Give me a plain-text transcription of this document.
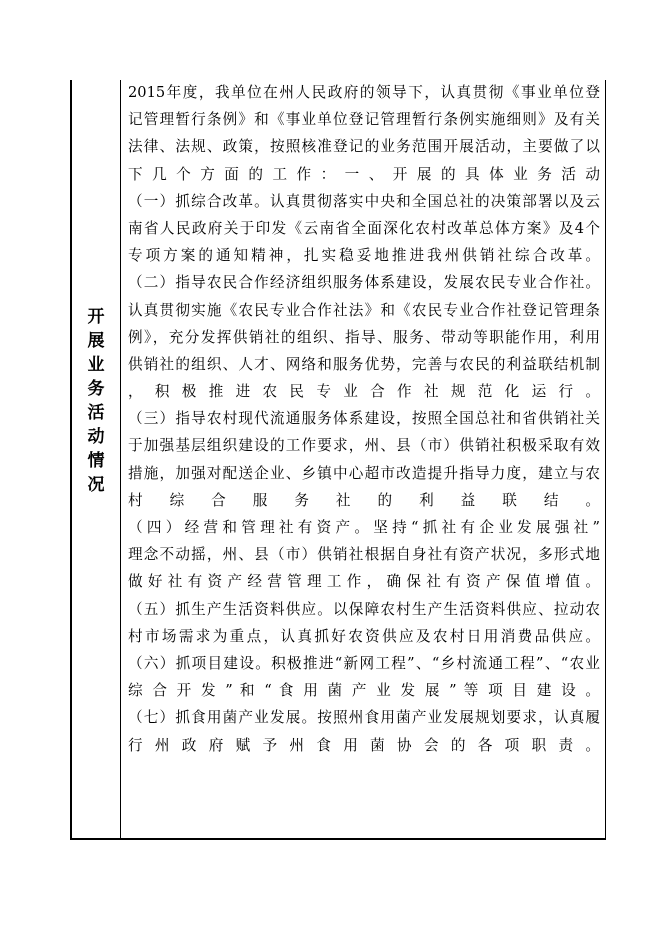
开
展
业
务
活
动
情
况
2015年度，我单位在州人民政府的领导下，认真贯彻《事业单位登
记管理暂行条例》和《事业单位登记管理暂行条例实施细则》及有关
法律、法规、政策，按照核准登记的业务范围开展活动，主要做了以
下 几 个 方 面 的 工 作 ： 一 、 开 展 的 具 体 业 务 活 动
（一）抓综合改革。认真贯彻落实中央和全国总社的决策部署以及云
南省人民政府关于印发《云南省全面深化农村改革总体方案》及4个
专项方案的通知精神，扎实稳妥地推进我州供销社综合改革。
（二）指导农民合作经济组织服务体系建设，发展农民专业合作社。
认真贯彻实施《农民专业合作社法》和《农民专业合作社登记管理条
例》，充分发挥供销社的组织、指导、服务、带动等职能作用，利用
供销社的组织、人才、网络和服务优势，完善与农民的利益联结机制
， 积 极 推 进 农 民 专 业 合 作 社 规 范 化 运 行 。
（三）指导农村现代流通服务体系建设，按照全国总社和省供销社关
于加强基层组织建设的工作要求，州、县（市）供销社积极采取有效
措施，加强对配送企业、乡镇中心超市改造提升指导力度，建立与农
村 综 合 服 务 社 的 利 益 联 结 。
（四）经营和管理社有资产。坚持“抓社有企业发展强社”
理念不动摇，州、县（市）供销社根据自身社有资产状况，多形式地
做好社有资产经营管理工作，确保社有资产保值增值。
（五）抓生产生活资料供应。以保障农村生产生活资料供应、拉动农
村市场需求为重点，认真抓好农资供应及农村日用消费品供应。
（六）抓项目建设。积极推进“新网工程”、“乡村流通工程”、“农业
综 合 开 发 ” 和 “ 食 用 菌 产 业 发 展 ” 等 项 目 建 设 。
（七）抓食用菌产业发展。按照州食用菌产业发展规划要求，认真履
行 州 政 府 赋 予 州 食 用 菌 协 会 的 各 项 职 责 。
